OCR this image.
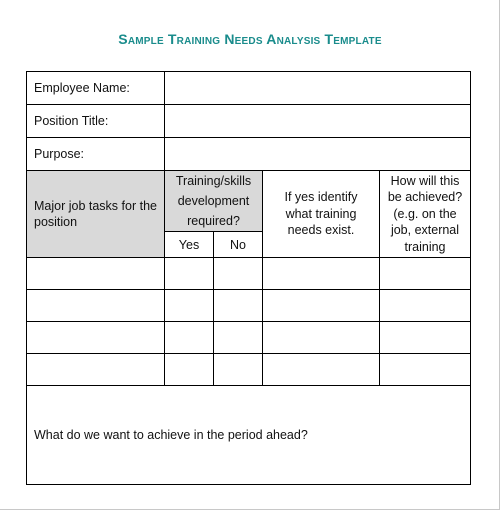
Sample Training Needs Analysis Template
Employee Name:				
Position Title:				
Purpose:				
Major job tasks for the position	Training/skills development required?		If yes identify what training needs exist.	How will this be achieved? (e.g. on the job, external training
	Yes	No		

What do we want to achieve in the period ahead?				
